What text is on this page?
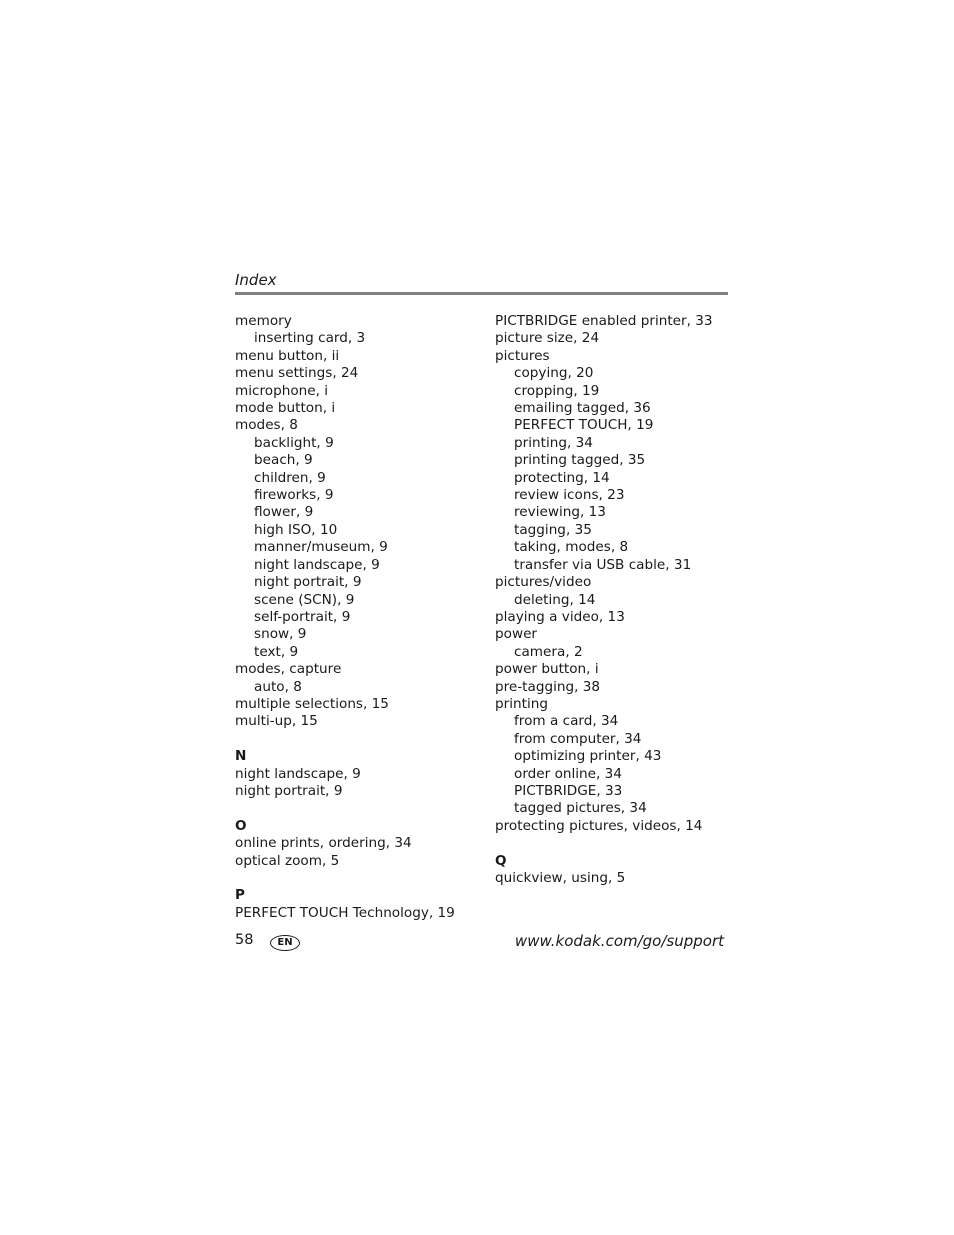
Index
memory
inserting card, 3
menu button, ii
menu settings, 24
microphone, i
mode button, i
modes, 8
backlight, 9
beach, 9
children, 9
fireworks, 9
flower, 9
high ISO, 10
manner/museum, 9
night landscape, 9
night portrait, 9
scene (SCN), 9
self-portrait, 9
snow, 9
text, 9
modes, capture
auto, 8
multiple selections, 15
multi-up, 15
N
night landscape, 9
night portrait, 9
O
online prints, ordering, 34
optical zoom, 5
P
PERFECT TOUCH Technology, 19
PICTBRIDGE enabled printer, 33
picture size, 24
pictures
copying, 20
cropping, 19
emailing tagged, 36
PERFECT TOUCH, 19
printing, 34
printing tagged, 35
protecting, 14
review icons, 23
reviewing, 13
tagging, 35
taking, modes, 8
transfer via USB cable, 31
pictures/video
deleting, 14
playing a video, 13
power
camera, 2
power button, i
pre-tagging, 38
printing
from a card, 34
from computer, 34
optimizing printer, 43
order online, 34
PICTBRIDGE, 33
tagged pictures, 34
protecting pictures, videos, 14
Q
quickview, using, 5
58	EN	www.kodak.com/go/support
